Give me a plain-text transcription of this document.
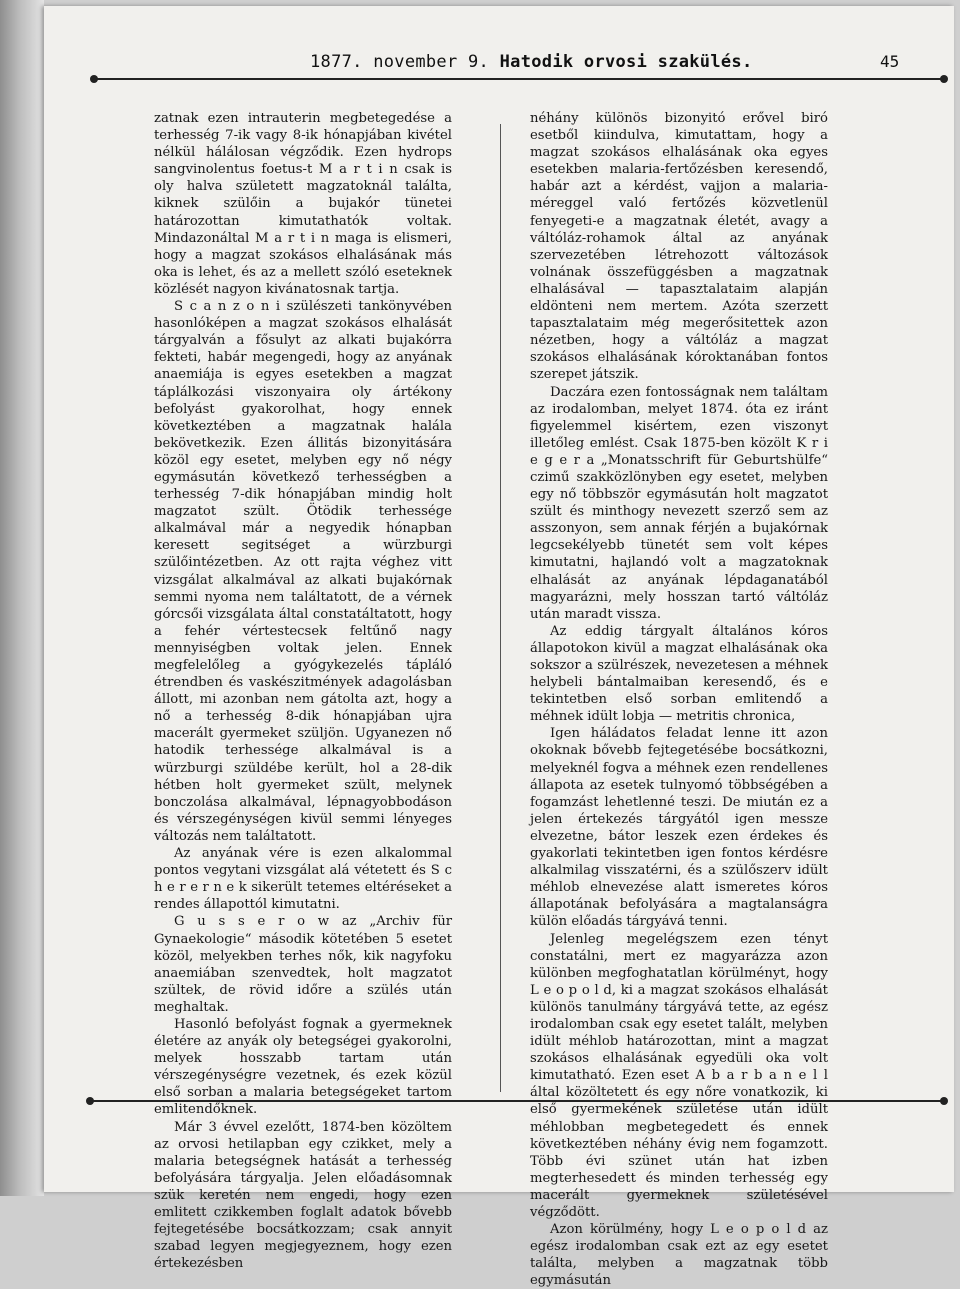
1877. november 9. Hatodik orvosi szakülés.	45

zatnak ezen intrauterin megbetegedése a terhesség 7-ik vagy 8-ik hónapjában kivétel nélkül hálálosan végződik. Ezen hydrops sangvinolentus foetus-t M a r t i n csak is oly halva született magzatoknál találta, kiknek szülőin a bujakór tünetei határozottan kimutathatók voltak. Mindazonáltal M a r t i n maga is elismeri, hogy a magzat szokásos elhalásának más oka is lehet, és az a mellett szóló eseteknek közlését nagyon kivánatosnak tartja.

S c a n z o n i szülészeti tankönyvében hasonlóképen a magzat szokásos elhalását tárgyalván a fősulyt az alkati bujakórra fekteti, habár megengedi, hogy az anyának anaemiája is egyes esetekben a magzat táplálkozási viszonyaira oly ártékony befolyást gyakorolhat, hogy ennek következtében a magzatnak halála bekövetkezik. Ezen állitás bizonyitására közöl egy esetet, melyben egy nő négy egymásután következő terhességben a terhesség 7-dik hónapjában mindig holt magzatot szült. Ötödik terhessége alkalmával már a negyedik hónapban keresett segitséget a würzburgi szülőintézetben. Az ott rajta véghez vitt vizsgálat alkalmával az alkati bujakórnak semmi nyoma nem találtatott, de a vérnek górcsői vizsgálata által constatáltatott, hogy a fehér vértestecsek feltűnő nagy mennyiségben voltak jelen. Ennek megfelelőleg a gyógykezelés tápláló étrendben és vaskészitmények adagolásban állott, mi azonban nem gátolta azt, hogy a nő a terhesség 8-dik hónapjában ujra macerált gyermeket szüljön. Ugyanezen nő hatodik terhessége alkalmával is a würzburgi szüldébe került, hol a 28-dik hétben holt gyermeket szült, melynek bonczolása alkalmával, lépnagyobbodáson és vérszegénységen kivül semmi lényeges változás nem találtatott.

Az anyának vére is ezen alkalommal pontos vegytani vizsgálat alá vétetett és S c h e r e r n e k sikerült tetemes eltéréseket a rendes állapottól kimutatni.

G u s s e r o w az „Archiv für Gynaekologie“ második kötetében 5 esetet közöl, melyekben terhes nők, kik nagyfoku anaemiában szenvedtek, holt magzatot szültek, de rövid időre a szülés után meghaltak.

Hasonló befolyást fognak a gyermeknek életére az anyák oly betegségei gyakorolni, melyek hosszabb tartam után vérszegénységre vezetnek, és ezek közül első sorban a malaria betegségeket tartom emlitendőknek.

Már 3 évvel ezelőtt, 1874-ben közöltem az orvosi hetilapban egy czikket, mely a malaria betegségnek hatását a terhesség befolyására tárgyalja. Jelen előadásomnak szük keretén nem engedi, hogy ezen emlitett czikkemben foglalt adatok bővebb fejtegetésébe bocsátkozzam; csak annyit szabad legyen megjegyeznem, hogy ezen értekezésben

néhány különös bizonyitó erővel biró esetből kiindulva, kimutattam, hogy a magzat szokásos elhalásának oka egyes esetekben malaria-fertőzésben keresendő, habár azt a kérdést, vajjon a malaria-méreggel való fertőzés közvetlenül fenyegeti-e a magzatnak életét, avagy a váltóláz-rohamok által az anyának szervezetében létrehozott változások volnának összefüggésben a magzatnak elhalásával — tapasztalataim alapján eldönteni nem mertem. Azóta szerzett tapasztalataim még megerősitettek azon nézetben, hogy a váltóláz a magzat szokásos elhalásának kóroktanában fontos szerepet játszik.

Daczára ezen fontosságnak nem találtam az irodalomban, melyet 1874. óta ez iránt figyelemmel kisértem, ezen viszonyt illetőleg emlést. Csak 1875-ben közölt K r i e g e r a „Monatsschrift für Geburtshülfe“ czimű szakközlönyben egy esetet, melyben egy nő többször egymásután holt magzatot szült és minthogy nevezett szerző sem az asszonyon, sem annak férjén a bujakórnak legcsekélyebb tünetét sem volt képes kimutatni, hajlandó volt a magzatoknak elhalását az anyának lépdaganatából magyarázni, mely hosszan tartó váltóláz után maradt vissza.

Az eddig tárgyalt általános kóros állapotokon kivül a magzat elhalásának oka sokszor a szülrészek, nevezetesen a méhnek helybeli bántalmaiban keresendő, és e tekintetben első sorban emlitendő a méhnek idült lobja — metritis chronica,

Igen háládatos feladat lenne itt azon okoknak bővebb fejtegetésébe bocsátkozni, melyeknél fogva a méhnek ezen rendellenes állapota az esetek tulnyomó többségében a fogamzást lehetlenné teszi. De miután ez a jelen értekezés tárgyától igen messze elvezetne, bátor leszek ezen érdekes és gyakorlati tekintetben igen fontos kérdésre alkalmilag visszatérni, és a szülőszerv idült méhlob elnevezése alatt ismeretes kóros állapotának befolyására a magtalanságra külön előadás tárgyává tenni.

Jelenleg megelégszem ezen tényt constatálni, mert ez magyarázza azon különben megfoghatatlan körülményt, hogy L e o p o l d, ki a magzat szokásos elhalását különös tanulmány tárgyává tette, az egész irodalomban csak egy esetet talált, melyben idült méhlob határozottan, mint a magzat szokásos elhalásának egyedüli oka volt kimutatható. Ezen eset A b a r b a n e l l által közöltetett és egy nőre vonatkozik, ki első gyermekének születése után idült méhlobban megbetegedett és ennek következtében néhány évig nem fogamzott. Több évi szünet után hat izben megterhesedett és minden terhesség egy macerált gyermeknek születésével végződött.

Azon körülmény, hogy L e o p o l d az egész irodalomban csak ezt az egy esetet találta, melyben a magzatnak több egymásután
